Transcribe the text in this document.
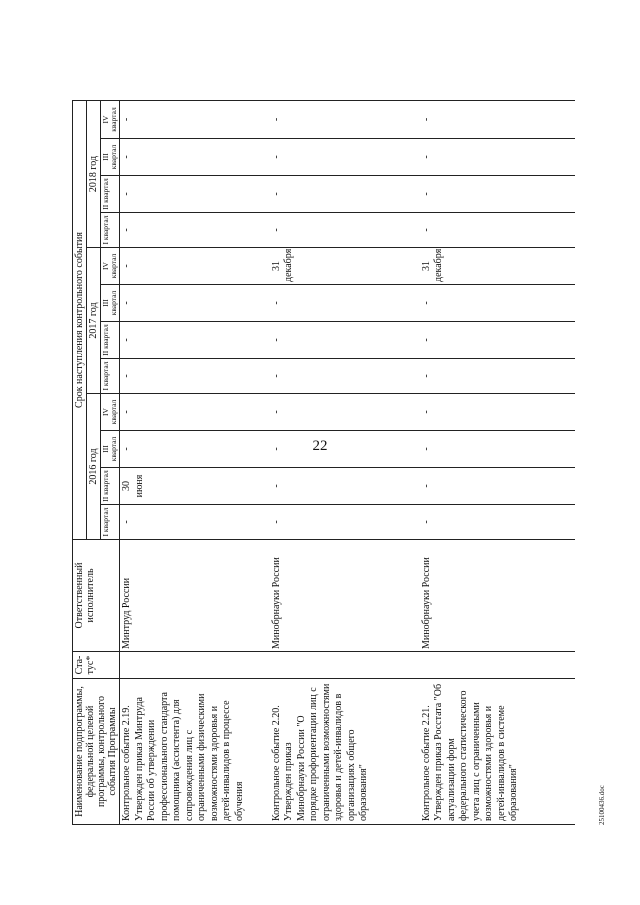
22
Наименование подпрограммы, федеральной целевой программы, контрольного события Программы	Ста-тус*	Ответственный исполнитель	Срок наступления контрольного события											
			2016 год				2017 год				2018 год			
			I квартал	II квартал	III квартал	IV квартал	I квартал	II квартал	III квартал	IV квартал	I квартал	II квартал	III квартал	IV квартал
Контрольное событие 2.19. Утвержден приказ Минтруда России об утверждении профессионального стандарта помощника (ассистента) для сопровождения лиц с ограниченными физическими возможностями здоровья и детей-инвалидов в процессе обучения		Минтруд России	-	30 июня	-	-	-	-	-	-	-	-	-	-
Контрольное событие 2.20. Утвержден приказ Минобрнауки России "О порядке профориентации лиц с ограниченными возможностями здоровья и детей-инвалидов в организациях общего образования"		Минобрнауки России	-	-	-	-	-	-	-	31 декабря	-	-	-	-
Контрольное событие 2.21. Утвержден приказ Росстата "Об актуализации форм федерального статистического учета лиц с ограниченными возможностями здоровья и детей-инвалидов в системе образования"		Минобрнауки России	-	-	-	-	-	-	-	31 декабря	-	-	-	-
25100436.doc
